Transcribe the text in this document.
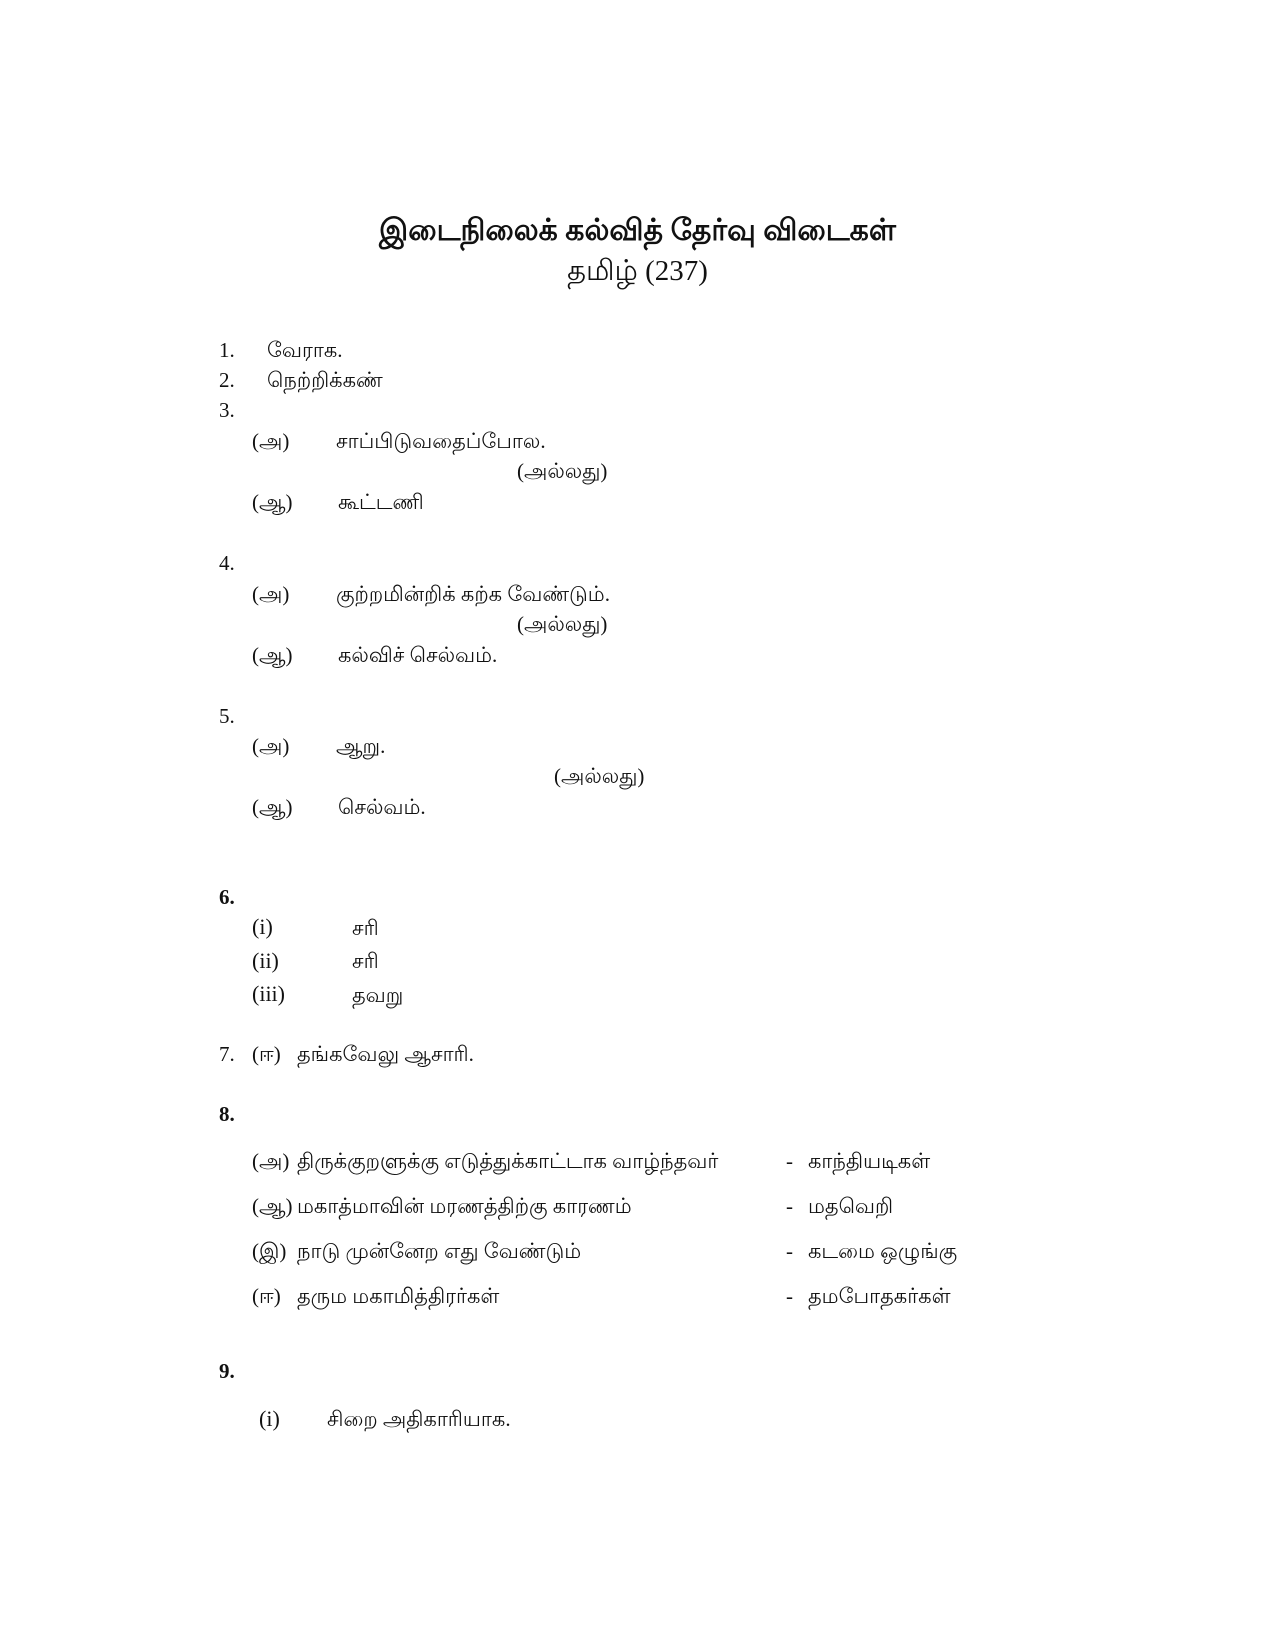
இடைநிலைக் கல்வித் தேர்வு விடைகள்
தமிழ் (237)
1. வேராக.
2. நெற்றிக்கண்
3.
(அ) சாப்பிடுவதைப்போல.
(அல்லது)
(ஆ) கூட்டணி
4.
(அ) குற்றமின்றிக் கற்க வேண்டும்.
(அல்லது)
(ஆ) கல்விச் செல்வம்.
5.
(அ) ஆறு.
(அல்லது)
(ஆ) செல்வம்.
6.
(i)	சரி
(ii)	சரி
(iii)	தவறு
7. (ஈ) தங்கவேலு ஆசாரி.
8.
(அ) திருக்குறளுக்கு எடுத்துக்காட்டாக வாழ்ந்தவர்	- காந்தியடிகள்
(ஆ) மகாத்மாவின் மரணத்திற்கு காரணம்	- மதவெறி
(இ) நாடு முன்னேற எது வேண்டும்	- கடமை ஒழுங்கு
(ஈ) தரும மகாமித்திரர்கள்	- தமபோதகர்கள்
9.
(i) சிறை அதிகாரியாக.
